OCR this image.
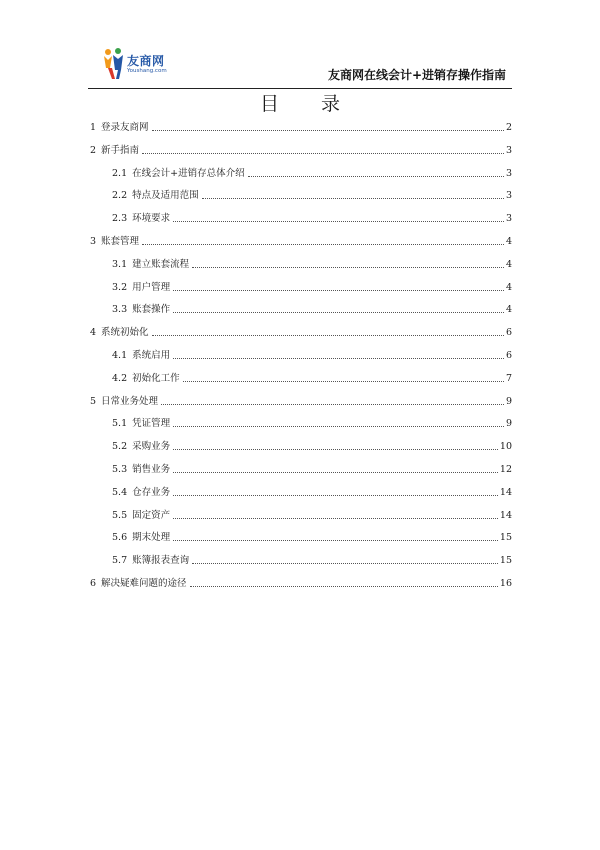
友商网
Youshang.com	友商网在线会计+进销存操作指南
目 录
1 登录友商网	2
2 新手指南	3
2.1 在线会计+进销存总体介绍	3
2.2 特点及适用范围	3
2.3 环境要求	3
3 账套管理	4
3.1 建立账套流程	4
3.2 用户管理	4
3.3 账套操作	4
4 系统初始化	6
4.1 系统启用	6
4.2 初始化工作	7
5 日常业务处理	9
5.1 凭证管理	9
5.2 采购业务	10
5.3 销售业务	12
5.4 仓存业务	14
5.5 固定资产	14
5.6 期末处理	15
5.7 账簿报表查询	15
6 解决疑难问题的途径	16
